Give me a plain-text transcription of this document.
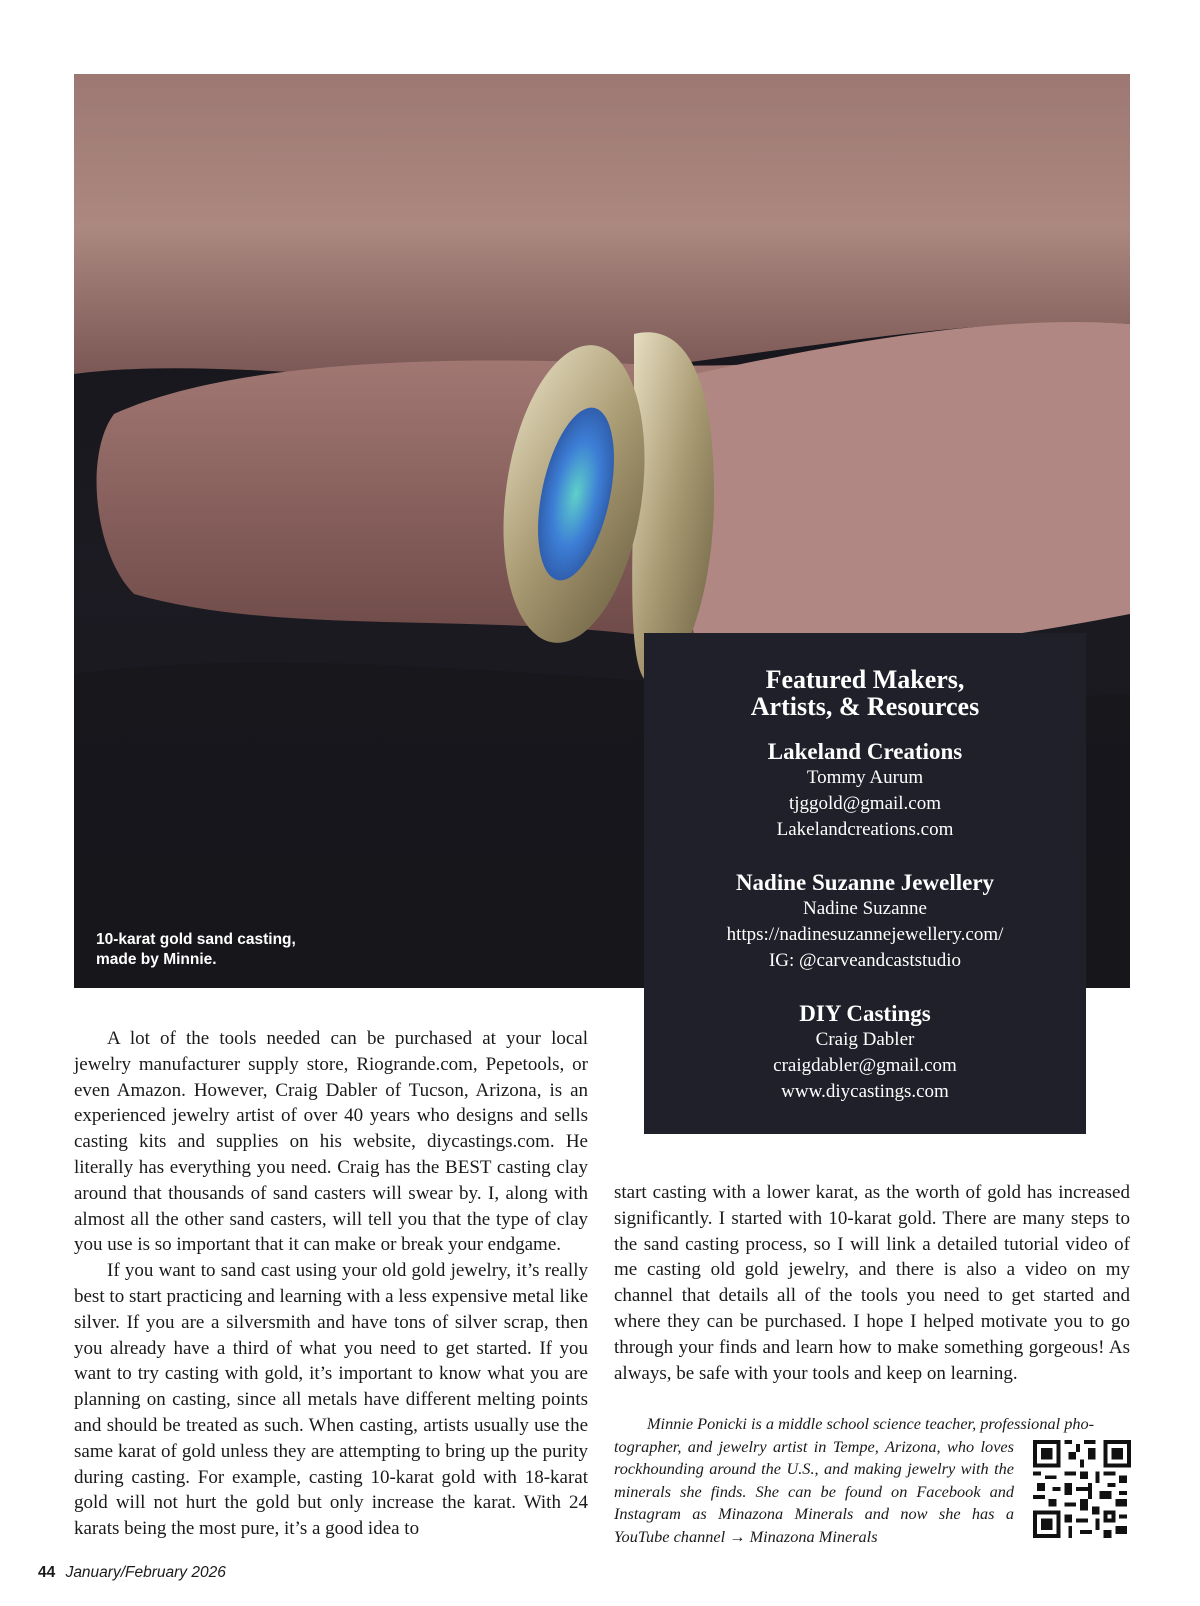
10-karat gold sand casting,
made by Minnie.
Featured Makers,
Artists, & Resources
Lakeland Creations
Tommy Aurum
tjggold@gmail.com
Lakelandcreations.com
Nadine Suzanne Jewellery
Nadine Suzanne
https://nadinesuzannejewellery.com/
IG: @carveandcaststudio
DIY Castings
Craig Dabler
craigdabler@gmail.com
www.diycastings.com

A lot of the tools needed can be purchased at your local jewelry manufacturer supply store, Riogrande.com, Pepetools, or even Amazon. However, Craig Dabler of Tucson, Arizona, is an experienced jewelry artist of over 40 years who designs and sells casting kits and supplies on his website, diycastings.com. He literally has everything you need. Craig has the BEST casting clay around that thousands of sand casters will swear by. I, along with almost all the other sand casters, will tell you that the type of clay you use is so important that it can make or break your endgame.

If you want to sand cast using your old gold jewelry, it’s really best to start practicing and learning with a less expensive metal like silver. If you are a silversmith and have tons of silver scrap, then you already have a third of what you need to get started. If you want to try casting with gold, it’s important to know what you are planning on casting, since all metals have different melting points and should be treated as such. When casting, artists usually use the same karat of gold unless they are attempting to bring up the purity during casting. For example, casting 10-karat gold with 18-karat gold will not hurt the gold but only increase the karat. With 24 karats being the most pure, it’s a good idea to

start casting with a lower karat, as the worth of gold has increased significantly. I started with 10-karat gold. There are many steps to the sand casting process, so I will link a detailed tutorial video of me casting old gold jewelry, and there is also a video on my channel that details all of the tools you need to get started and where they can be purchased. I hope I helped motivate you to go through your finds and learn how to make something gorgeous! As always, be safe with your tools and keep on learning.

Minnie Ponicki is a middle school science teacher, professional pho-
tographer, and jewelry artist in Tempe, Arizona, who loves rockhounding around the U.S., and making jewelry with the minerals she finds. She can be found on Facebook and Instagram as Minazona Minerals and now she has a YouTube channel → Minazona Minerals
44 January/February 2026
